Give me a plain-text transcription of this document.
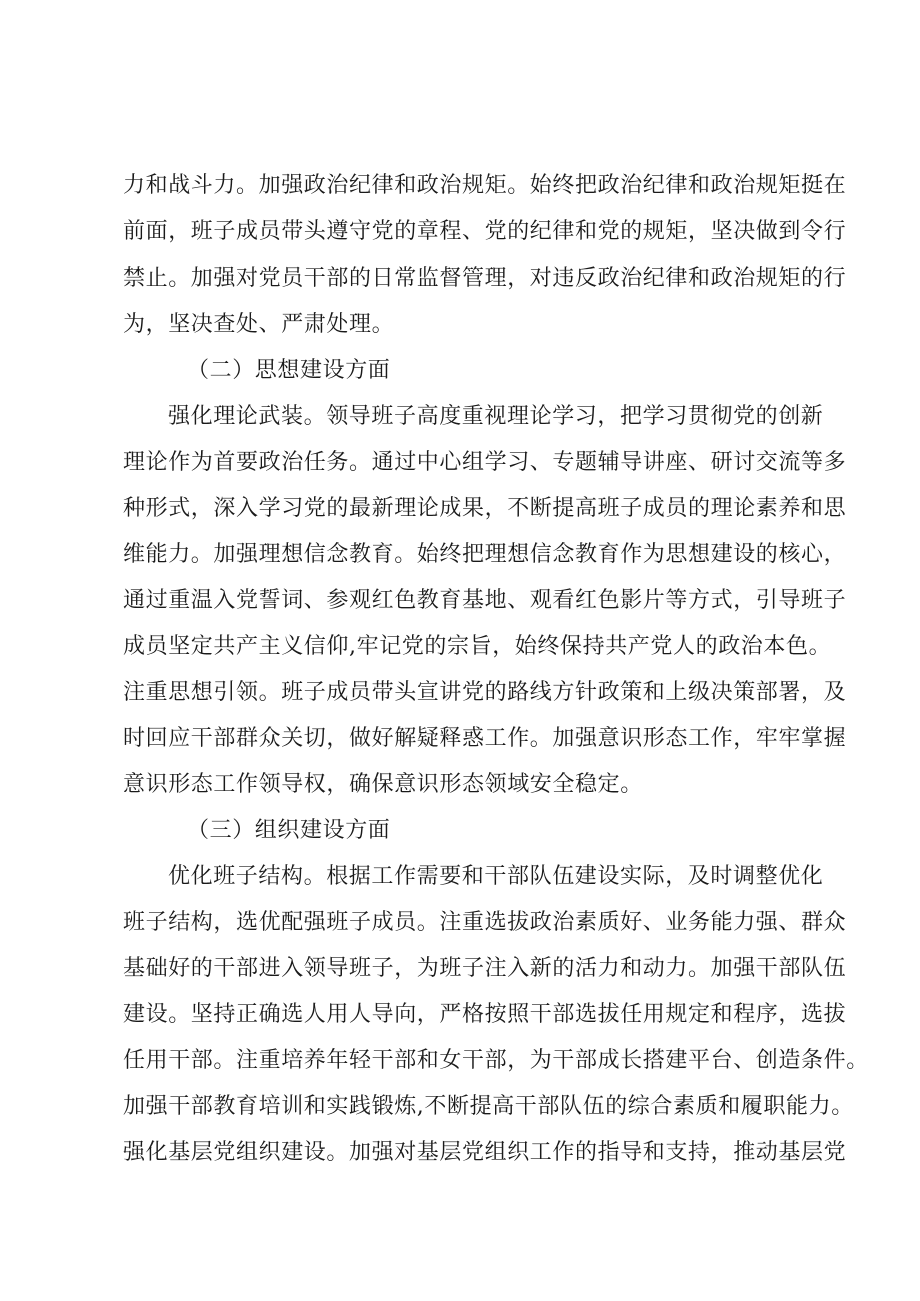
力和战斗力。加强政治纪律和政治规矩。始终把政治纪律和政治规矩挺在
前面，班子成员带头遵守党的章程、党的纪律和党的规矩，坚决做到令行
禁止。加强对党员干部的日常监督管理，对违反政治纪律和政治规矩的行
为，坚决查处、严肃处理。
（二）思想建设方面
强化理论武装。领导班子高度重视理论学习，把学习贯彻党的创新
理论作为首要政治任务。通过中心组学习、专题辅导讲座、研讨交流等多
种形式，深入学习党的最新理论成果，不断提高班子成员的理论素养和思
维能力。加强理想信念教育。始终把理想信念教育作为思想建设的核心，
通过重温入党誓词、参观红色教育基地、观看红色影片等方式，引导班子
成员坚定共产主义信仰,牢记党的宗旨，始终保持共产党人的政治本色。
注重思想引领。班子成员带头宣讲党的路线方针政策和上级决策部署，及
时回应干部群众关切，做好解疑释惑工作。加强意识形态工作，牢牢掌握
意识形态工作领导权，确保意识形态领域安全稳定。
（三）组织建设方面
优化班子结构。根据工作需要和干部队伍建设实际，及时调整优化
班子结构，选优配强班子成员。注重选拔政治素质好、业务能力强、群众
基础好的干部进入领导班子，为班子注入新的活力和动力。加强干部队伍
建设。坚持正确选人用人导向，严格按照干部选拔任用规定和程序，选拔
任用干部。注重培养年轻干部和女干部，为干部成长搭建平台、创造条件。
加强干部教育培训和实践锻炼,不断提高干部队伍的综合素质和履职能力。
强化基层党组织建设。加强对基层党组织工作的指导和支持，推动基层党
